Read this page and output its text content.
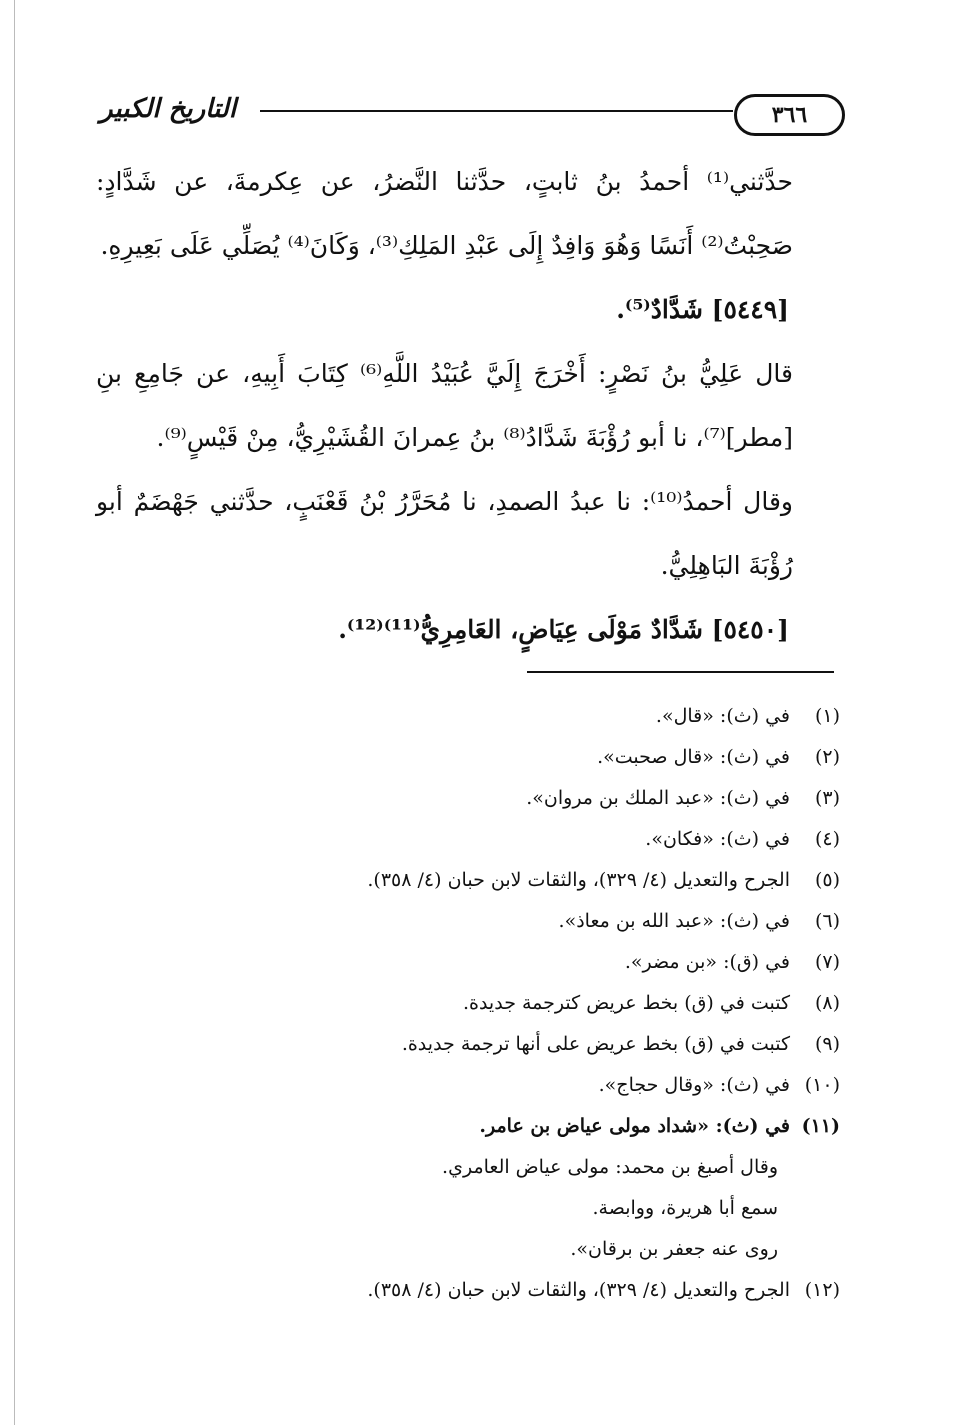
٣٦٦
التاريخ الكبير

حدَّثني⁽¹⁾ أحمدُ بنُ ثابتٍ، حدَّثنا النَّضرُ، عن عِكرمةَ، عن شَدَّادٍ: صَحِبْتُ⁽²⁾ أَنَسًا وَهُوَ وَافِدٌ إِلَى عَبْدِ المَلِكِ⁽³⁾، وَكَانَ⁽⁴⁾ يُصَلِّي عَلَى بَعِيرِهِ.

[٥٤٤٩] شَدَّادٌ⁽⁵⁾.

قال عَلِيُّ بنُ نَصْرٍ: أَخْرَجَ إِلَيَّ عُبَيْدُ اللَّهِ⁽⁶⁾ كِتَابَ أَبِيهِ، عن جَامِعِ بنِ [مطر]⁽⁷⁾، نا أبو رُؤْبَةَ شَدَّادُ⁽⁸⁾ بنُ عِمرانَ القُشَيْرِيُّ، مِنْ قَيْسٍ⁽⁹⁾.

وقال أحمدُ⁽¹⁰⁾: نا عبدُ الصمدِ، نا مُحَرَّرُ بْنُ قَعْنَبٍ، حدَّثني جَهْضَمٌ أبو رُؤْبَةَ البَاهِلِيُّ.

[٥٤٥٠] شَدَّادٌ مَوْلَى عِيَاضٍ، العَامِرِيُّ⁽¹¹⁾⁽¹²⁾.

(١)في (ث): «قال».

(٢)في (ث): «قال صحبت».

(٣)في (ث): «عبد الملك بن مروان».

(٤)في (ث): «فكان».

(٥)الجرح والتعديل (٤/ ٣٢٩)، والثقات لابن حبان (٤/ ٣٥٨).

(٦)في (ث): «عبد الله بن معاذ».

(٧)في (ق): «بن مضر».

(٨)كتبت في (ق) بخط عريض كترجمة جديدة.

(٩)كتبت في (ق) بخط عريض على أنها ترجمة جديدة.

(١٠)في (ث): «وقال حجاج».

(١١)في (ث): «شداد مولى عياض بن عامر.

وقال أصبغ بن محمد: مولى عياض العامري.

سمع أبا هريرة، ووابصة.

روى عنه جعفر بن برقان».

(١٢)الجرح والتعديل (٤/ ٣٢٩)، والثقات لابن حبان (٤/ ٣٥٨).
